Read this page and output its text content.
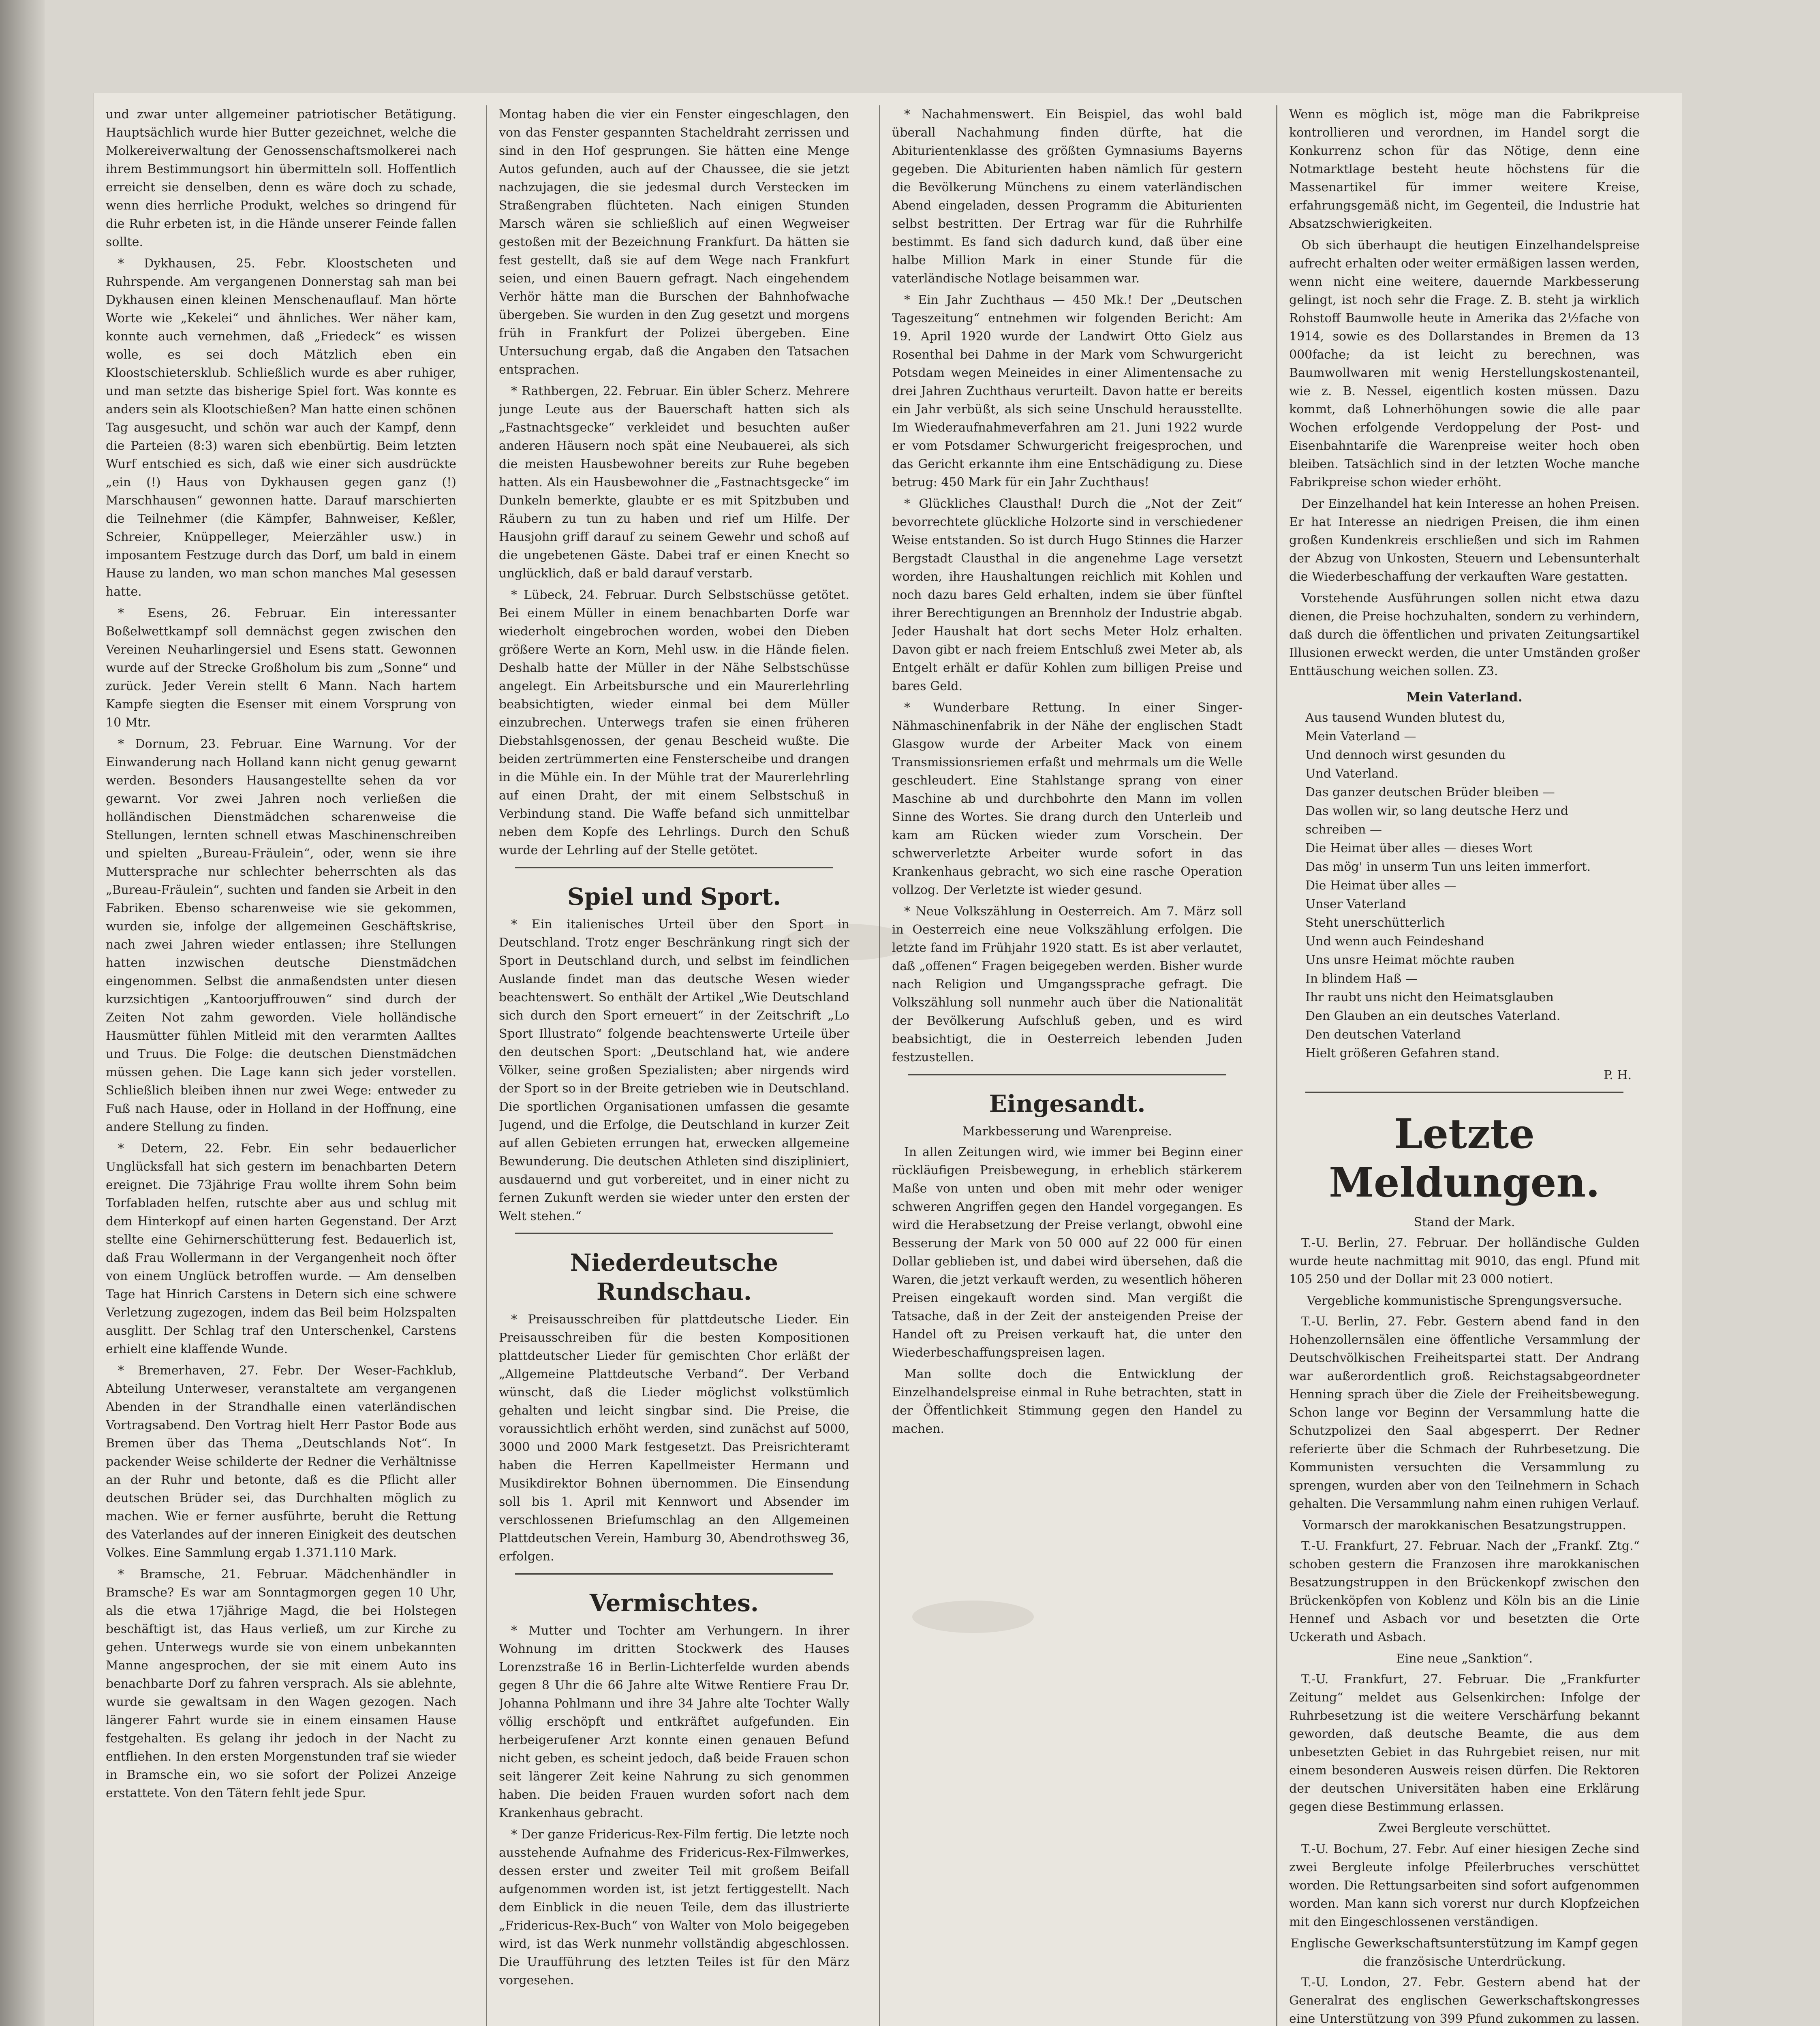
und zwar unter allgemeiner patriotischer Betätigung. Hauptsächlich wurde hier Butter gezeichnet, welche die Molkereiverwaltung der Genossenschaftsmolkerei nach ihrem Bestimmungsort hin übermitteln soll. Hoffentlich erreicht sie denselben, denn es wäre doch zu schade, wenn dies herrliche Produkt, welches so dringend für die Ruhr erbeten ist, in die Hände unserer Feinde fallen sollte.

* Dykhausen, 25. Febr. Kloostscheten und Ruhrspende. Am vergangenen Donnerstag sah man bei Dykhausen einen kleinen Menschenauflauf. Man hörte Worte wie „Kekelei“ und ähnliches. Wer näher kam, konnte auch vernehmen, daß „Friedeck“ es wissen wolle, es sei doch Mätzlich eben ein Kloostschietersklub. Schließlich wurde es aber ruhiger, und man setzte das bisherige Spiel fort. Was konnte es anders sein als Klootschießen? Man hatte einen schönen Tag ausgesucht, und schön war auch der Kampf, denn die Parteien (8:3) waren sich ebenbürtig. Beim letzten Wurf entschied es sich, daß wie einer sich ausdrückte „ein (!) Haus von Dykhausen gegen ganz (!) Marschhausen“ gewonnen hatte. Darauf marschierten die Teilnehmer (die Kämpfer, Bahnweiser, Keßler, Schreier, Knüppelleger, Meierzähler usw.) in imposantem Festzuge durch das Dorf, um bald in einem Hause zu landen, wo man schon manches Mal gesessen hatte.

* Esens, 26. Februar. Ein interessanter Boßelwettkampf soll demnächst gegen zwischen den Vereinen Neuharlingersiel und Esens statt. Gewonnen wurde auf der Strecke Großholum bis zum „Sonne“ und zurück. Jeder Verein stellt 6 Mann. Nach hartem Kampfe siegten die Esenser mit einem Vorsprung von 10 Mtr.

* Dornum, 23. Februar. Eine Warnung. Vor der Einwanderung nach Holland kann nicht genug gewarnt werden. Besonders Hausangestellte sehen da vor gewarnt. Vor zwei Jahren noch verließen die holländischen Dienstmädchen scharenweise die Stellungen, lernten schnell etwas Maschinenschreiben und spielten „Bureau-Fräulein“, oder, wenn sie ihre Muttersprache nur schlechter beherrschten als das „Bureau-Fräulein“, suchten und fanden sie Arbeit in den Fabriken. Ebenso scharenweise wie sie gekommen, wurden sie, infolge der allgemeinen Geschäftskrise, nach zwei Jahren wieder entlassen; ihre Stellungen hatten inzwischen deutsche Dienstmädchen eingenommen. Selbst die anmaßendsten unter diesen kurzsichtigen „Kantoorjuffrouwen“ sind durch der Zeiten Not zahm geworden. Viele holländische Hausmütter fühlen Mitleid mit den verarmten Aalltes und Truus. Die Folge: die deutschen Dienstmädchen müssen gehen. Die Lage kann sich jeder vorstellen. Schließlich bleiben ihnen nur zwei Wege: entweder zu Fuß nach Hause, oder in Holland in der Hoffnung, eine andere Stellung zu finden.

* Detern, 22. Febr. Ein sehr bedauerlicher Unglücksfall hat sich gestern im benachbarten Detern ereignet. Die 73jährige Frau wollte ihrem Sohn beim Torfabladen helfen, rutschte aber aus und schlug mit dem Hinterkopf auf einen harten Gegenstand. Der Arzt stellte eine Gehirnerschütterung fest. Bedauerlich ist, daß Frau Wollermann in der Vergangenheit noch öfter von einem Unglück betroffen wurde. — Am denselben Tage hat Hinrich Carstens in Detern sich eine schwere Verletzung zugezogen, indem das Beil beim Holzspalten ausglitt. Der Schlag traf den Unterschenkel, Carstens erhielt eine klaffende Wunde.

* Bremerhaven, 27. Febr. Der Weser-Fachklub, Abteilung Unterweser, veranstaltete am vergangenen Abenden in der Strandhalle einen vaterländischen Vortragsabend. Den Vortrag hielt Herr Pastor Bode aus Bremen über das Thema „Deutschlands Not“. In packender Weise schilderte der Redner die Verhältnisse an der Ruhr und betonte, daß es die Pflicht aller deutschen Brüder sei, das Durchhalten möglich zu machen. Wie er ferner ausführte, beruht die Rettung des Vaterlandes auf der inneren Einigkeit des deutschen Volkes. Eine Sammlung ergab 1.371.110 Mark.

* Bramsche, 21. Februar. Mädchenhändler in Bramsche? Es war am Sonntagmorgen gegen 10 Uhr, als die etwa 17jährige Magd, die bei Holstegen beschäftigt ist, das Haus verließ, um zur Kirche zu gehen. Unterwegs wurde sie von einem unbekannten Manne angesprochen, der sie mit einem Auto ins benachbarte Dorf zu fahren versprach. Als sie ablehnte, wurde sie gewaltsam in den Wagen gezogen. Nach längerer Fahrt wurde sie in einem einsamen Hause festgehalten. Es gelang ihr jedoch in der Nacht zu entfliehen. In den ersten Morgenstunden traf sie wieder in Bramsche ein, wo sie sofort der Polizei Anzeige erstattete. Von den Tätern fehlt jede Spur.

Montag haben die vier ein Fenster eingeschlagen, den von das Fenster gespannten Stacheldraht zerrissen und sind in den Hof gesprungen. Sie hätten eine Menge Autos gefunden, auch auf der Chaussee, die sie jetzt nachzujagen, die sie jedesmal durch Verstecken im Straßengraben flüchteten. Nach einigen Stunden Marsch wären sie schließlich auf einen Wegweiser gestoßen mit der Bezeichnung Frankfurt. Da hätten sie fest gestellt, daß sie auf dem Wege nach Frankfurt seien, und einen Bauern gefragt. Nach eingehendem Verhör hätte man die Burschen der Bahnhofwache übergeben. Sie wurden in den Zug gesetzt und morgens früh in Frankfurt der Polizei übergeben. Eine Untersuchung ergab, daß die Angaben den Tatsachen entsprachen.

* Rathbergen, 22. Februar. Ein übler Scherz. Mehrere junge Leute aus der Bauerschaft hatten sich als „Fastnachtsgecke“ verkleidet und besuchten außer anderen Häusern noch spät eine Neubauerei, als sich die meisten Hausbewohner bereits zur Ruhe begeben hatten. Als ein Hausbewohner die „Fastnachtsgecke“ im Dunkeln bemerkte, glaubte er es mit Spitzbuben und Räubern zu tun zu haben und rief um Hilfe. Der Hausjohn griff darauf zu seinem Gewehr und schoß auf die ungebetenen Gäste. Dabei traf er einen Knecht so unglücklich, daß er bald darauf verstarb.

* Lübeck, 24. Februar. Durch Selbstschüsse getötet. Bei einem Müller in einem benachbarten Dorfe war wiederholt eingebrochen worden, wobei den Dieben größere Werte an Korn, Mehl usw. in die Hände fielen. Deshalb hatte der Müller in der Nähe Selbstschüsse angelegt. Ein Arbeitsbursche und ein Maurerlehrling beabsichtigten, wieder einmal bei dem Müller einzubrechen. Unterwegs trafen sie einen früheren Diebstahlsgenossen, der genau Bescheid wußte. Die beiden zertrümmerten eine Fensterscheibe und drangen in die Mühle ein. In der Mühle trat der Maurerlehrling auf einen Draht, der mit einem Selbstschuß in Verbindung stand. Die Waffe befand sich unmittelbar neben dem Kopfe des Lehrlings. Durch den Schuß wurde der Lehrling auf der Stelle getötet.

Spiel und Sport.

* Ein italienisches Urteil über den Sport in Deutschland. Trotz enger Beschränkung ringt sich der Sport in Deutschland durch, und selbst im feindlichen Auslande findet man das deutsche Wesen wieder beachtenswert. So enthält der Artikel „Wie Deutschland sich durch den Sport erneuert“ in der Zeitschrift „Lo Sport Illustrato“ folgende beachtenswerte Urteile über den deutschen Sport: „Deutschland hat, wie andere Völker, seine großen Spezialisten; aber nirgends wird der Sport so in der Breite getrieben wie in Deutschland. Die sportlichen Organisationen umfassen die gesamte Jugend, und die Erfolge, die Deutschland in kurzer Zeit auf allen Gebieten errungen hat, erwecken allgemeine Bewunderung. Die deutschen Athleten sind diszipliniert, ausdauernd und gut vorbereitet, und in einer nicht zu fernen Zukunft werden sie wieder unter den ersten der Welt stehen.“

Niederdeutsche Rundschau.

* Preisausschreiben für plattdeutsche Lieder. Ein Preisausschreiben für die besten Kompositionen plattdeutscher Lieder für gemischten Chor erläßt der „Allgemeine Plattdeutsche Verband“. Der Verband wünscht, daß die Lieder möglichst volkstümlich gehalten und leicht singbar sind. Die Preise, die voraussichtlich erhöht werden, sind zunächst auf 5000, 3000 und 2000 Mark festgesetzt. Das Preisrichteramt haben die Herren Kapellmeister Hermann und Musikdirektor Bohnen übernommen. Die Einsendung soll bis 1. April mit Kennwort und Absender im verschlossenen Briefumschlag an den Allgemeinen Plattdeutschen Verein, Hamburg 30, Abendrothsweg 36, erfolgen.

Vermischtes.

* Mutter und Tochter am Verhungern. In ihrer Wohnung im dritten Stockwerk des Hauses Lorenzstraße 16 in Berlin-Lichterfelde wurden abends gegen 8 Uhr die 66 Jahre alte Witwe Rentiere Frau Dr. Johanna Pohlmann und ihre 34 Jahre alte Tochter Wally völlig erschöpft und entkräftet aufgefunden. Ein herbeigerufener Arzt konnte einen genauen Befund nicht geben, es scheint jedoch, daß beide Frauen schon seit längerer Zeit keine Nahrung zu sich genommen haben. Die beiden Frauen wurden sofort nach dem Krankenhaus gebracht.

* Der ganze Fridericus-Rex-Film fertig. Die letzte noch ausstehende Aufnahme des Fridericus-Rex-Filmwerkes, dessen erster und zweiter Teil mit großem Beifall aufgenommen worden ist, ist jetzt fertiggestellt. Nach dem Einblick in die neuen Teile, dem das illustrierte „Fridericus-Rex-Buch“ von Walter von Molo beigegeben wird, ist das Werk nunmehr vollständig abgeschlossen. Die Uraufführung des letzten Teiles ist für den März vorgesehen.

* Nachahmenswert. Ein Beispiel, das wohl bald überall Nachahmung finden dürfte, hat die Abiturientenklasse des größten Gymnasiums Bayerns gegeben. Die Abiturienten haben nämlich für gestern die Bevölkerung Münchens zu einem vaterländischen Abend eingeladen, dessen Programm die Abiturienten selbst bestritten. Der Ertrag war für die Ruhrhilfe bestimmt. Es fand sich dadurch kund, daß über eine halbe Million Mark in einer Stunde für die vaterländische Notlage beisammen war.

* Ein Jahr Zuchthaus — 450 Mk.! Der „Deutschen Tageszeitung“ entnehmen wir folgenden Bericht: Am 19. April 1920 wurde der Landwirt Otto Gielz aus Rosenthal bei Dahme in der Mark vom Schwurgericht Potsdam wegen Meineides in einer Alimentensache zu drei Jahren Zuchthaus verurteilt. Davon hatte er bereits ein Jahr verbüßt, als sich seine Unschuld herausstellte. Im Wiederaufnahmeverfahren am 21. Juni 1922 wurde er vom Potsdamer Schwurgericht freigesprochen, und das Gericht erkannte ihm eine Entschädigung zu. Diese betrug: 450 Mark für ein Jahr Zuchthaus!

* Glückliches Clausthal! Durch die „Not der Zeit“ bevorrechtete glückliche Holzorte sind in verschiedener Weise entstanden. So ist durch Hugo Stinnes die Harzer Bergstadt Clausthal in die angenehme Lage versetzt worden, ihre Haushaltungen reichlich mit Kohlen und noch dazu bares Geld erhalten, indem sie über fünftel ihrer Berechtigungen an Brennholz der Industrie abgab. Jeder Haushalt hat dort sechs Meter Holz erhalten. Davon gibt er nach freiem Entschluß zwei Meter ab, als Entgelt erhält er dafür Kohlen zum billigen Preise und bares Geld.

* Wunderbare Rettung. In einer Singer-Nähmaschinenfabrik in der Nähe der englischen Stadt Glasgow wurde der Arbeiter Mack von einem Transmissionsriemen erfaßt und mehrmals um die Welle geschleudert. Eine Stahlstange sprang von einer Maschine ab und durchbohrte den Mann im vollen Sinne des Wortes. Sie drang durch den Unterleib und kam am Rücken wieder zum Vorschein. Der schwerverletzte Arbeiter wurde sofort in das Krankenhaus gebracht, wo sich eine rasche Operation vollzog. Der Verletzte ist wieder gesund.

* Neue Volkszählung in Oesterreich. Am 7. März soll in Oesterreich eine neue Volkszählung erfolgen. Die letzte fand im Frühjahr 1920 statt. Es ist aber verlautet, daß „offenen“ Fragen beigegeben werden. Bisher wurde nach Religion und Umgangssprache gefragt. Die Volkszählung soll nunmehr auch über die Nationalität der Bevölkerung Aufschluß geben, und es wird beabsichtigt, die in Oesterreich lebenden Juden festzustellen.

Eingesandt.
Markbesserung und Warenpreise.

In allen Zeitungen wird, wie immer bei Beginn einer rückläufigen Preisbewegung, in erheblich stärkerem Maße von unten und oben mit mehr oder weniger schweren Angriffen gegen den Handel vorgegangen. Es wird die Herabsetzung der Preise verlangt, obwohl eine Besserung der Mark von 50 000 auf 22 000 für einen Dollar geblieben ist, und dabei wird übersehen, daß die Waren, die jetzt verkauft werden, zu wesentlich höheren Preisen eingekauft worden sind. Man vergißt die Tatsache, daß in der Zeit der ansteigenden Preise der Handel oft zu Preisen verkauft hat, die unter den Wiederbeschaffungspreisen lagen.

Man sollte doch die Entwicklung der Einzelhandelspreise einmal in Ruhe betrachten, statt in der Öffentlichkeit Stimmung gegen den Handel zu machen.

Wenn es möglich ist, möge man die Fabrikpreise kontrollieren und verordnen, im Handel sorgt die Konkurrenz schon für das Nötige, denn eine Notmarktlage besteht heute höchstens für die Massenartikel für immer weitere Kreise, erfahrungsgemäß nicht, im Gegenteil, die Industrie hat Absatzschwierigkeiten.

Ob sich überhaupt die heutigen Einzelhandelspreise aufrecht erhalten oder weiter ermäßigen lassen werden, wenn nicht eine weitere, dauernde Markbesserung gelingt, ist noch sehr die Frage. Z. B. steht ja wirklich Rohstoff Baumwolle heute in Amerika das 2½fache von 1914, sowie es des Dollarstandes in Bremen da 13 000fache; da ist leicht zu berechnen, was Baumwollwaren mit wenig Herstellungskostenanteil, wie z. B. Nessel, eigentlich kosten müssen. Dazu kommt, daß Lohnerhöhungen sowie die alle paar Wochen erfolgende Verdoppelung der Post- und Eisenbahntarife die Warenpreise weiter hoch oben bleiben. Tatsächlich sind in der letzten Woche manche Fabrikpreise schon wieder erhöht.

Der Einzelhandel hat kein Interesse an hohen Preisen. Er hat Interesse an niedrigen Preisen, die ihm einen großen Kundenkreis erschließen und sich im Rahmen der Abzug von Unkosten, Steuern und Lebensunterhalt die Wiederbeschaffung der verkauften Ware gestatten.

Vorstehende Ausführungen sollen nicht etwa dazu dienen, die Preise hochzuhalten, sondern zu verhindern, daß durch die öffentlichen und privaten Zeitungsartikel Illusionen erweckt werden, die unter Umständen großer Enttäuschung weichen sollen. Z3.

Mein Vaterland.
Aus tausend Wunden blutest du,
Mein Vaterland —
Und dennoch wirst gesunden du
Und Vaterland.
Das ganzer deutschen Brüder bleiben —
Das wollen wir, so lang deutsche Herz und
schreiben —
Die Heimat über alles — dieses Wort
Das mög' in unserm Tun uns leiten immerfort.
Die Heimat über alles —
Unser Vaterland
Steht unerschütterlich
Und wenn auch Feindeshand
Uns unsre Heimat möchte rauben
In blindem Haß —
Ihr raubt uns nicht den Heimatsglauben
Den Glauben an ein deutsches Vaterland.
Den deutschen Vaterland
Hielt größeren Gefahren stand.
P. H.
Letzte Meldungen.
Stand der Mark.

T.-U. Berlin, 27. Februar. Der holländische Gulden wurde heute nachmittag mit 9010, das engl. Pfund mit 105 250 und der Dollar mit 23 000 notiert.

Vergebliche kommunistische Sprengungsversuche.

T.-U. Berlin, 27. Febr. Gestern abend fand in den Hohenzollernsälen eine öffentliche Versammlung der Deutschvölkischen Freiheitspartei statt. Der Andrang war außerordentlich groß. Reichstagsabgeordneter Henning sprach über die Ziele der Freiheitsbewegung. Schon lange vor Beginn der Versammlung hatte die Schutzpolizei den Saal abgesperrt. Der Redner referierte über die Schmach der Ruhrbesetzung. Die Kommunisten versuchten die Versammlung zu sprengen, wurden aber von den Teilnehmern in Schach gehalten. Die Versammlung nahm einen ruhigen Verlauf.

Vormarsch der marokkanischen Besatzungstruppen.

T.-U. Frankfurt, 27. Februar. Nach der „Frankf. Ztg.“ schoben gestern die Franzosen ihre marokkanischen Besatzungstruppen in den Brückenkopf zwischen den Brückenköpfen von Koblenz und Köln bis an die Linie Hennef und Asbach vor und besetzten die Orte Uckerath und Asbach.

Eine neue „Sanktion“.

T.-U. Frankfurt, 27. Februar. Die „Frankfurter Zeitung“ meldet aus Gelsenkirchen: Infolge der Ruhrbesetzung ist die weitere Verschärfung bekannt geworden, daß deutsche Beamte, die aus dem unbesetzten Gebiet in das Ruhrgebiet reisen, nur mit einem besonderen Ausweis reisen dürfen. Die Rektoren der deutschen Universitäten haben eine Erklärung gegen diese Bestimmung erlassen.

Zwei Bergleute verschüttet.

T.-U. Bochum, 27. Febr. Auf einer hiesigen Zeche sind zwei Bergleute infolge Pfeilerbruches verschüttet worden. Die Rettungsarbeiten sind sofort aufgenommen worden. Man kann sich vorerst nur durch Klopfzeichen mit den Eingeschlossenen verständigen.

Englische Gewerkschaftsunterstützung im Kampf gegen die französische Unterdrückung.

T.-U. London, 27. Febr. Gestern abend hat der Generalrat des englischen Gewerkschaftskongresses eine Unterstützung von 399 Pfund zukommen zu lassen.
